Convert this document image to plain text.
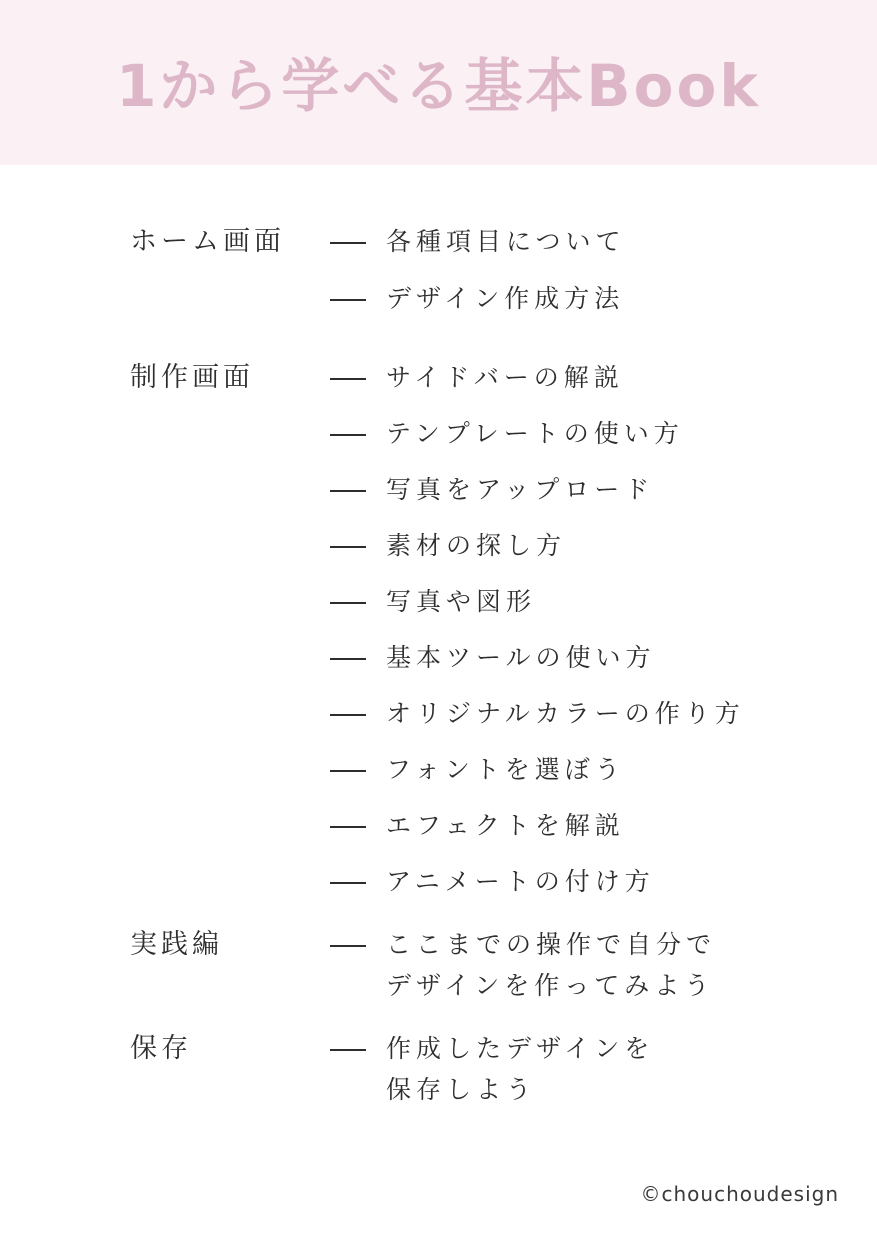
1から学べる基本Book
ホーム画面	各種項目について
デザイン作成方法
制作画面	サイドバーの解説
テンプレートの使い方
写真をアップロード
素材の探し方
写真や図形
基本ツールの使い方
オリジナルカラーの作り方
フォントを選ぼう
エフェクトを解説
アニメートの付け方
実践編	ここまでの操作で自分で
デザインを作ってみよう
保存	作成したデザインを
保存しよう
©chouchoudesign
